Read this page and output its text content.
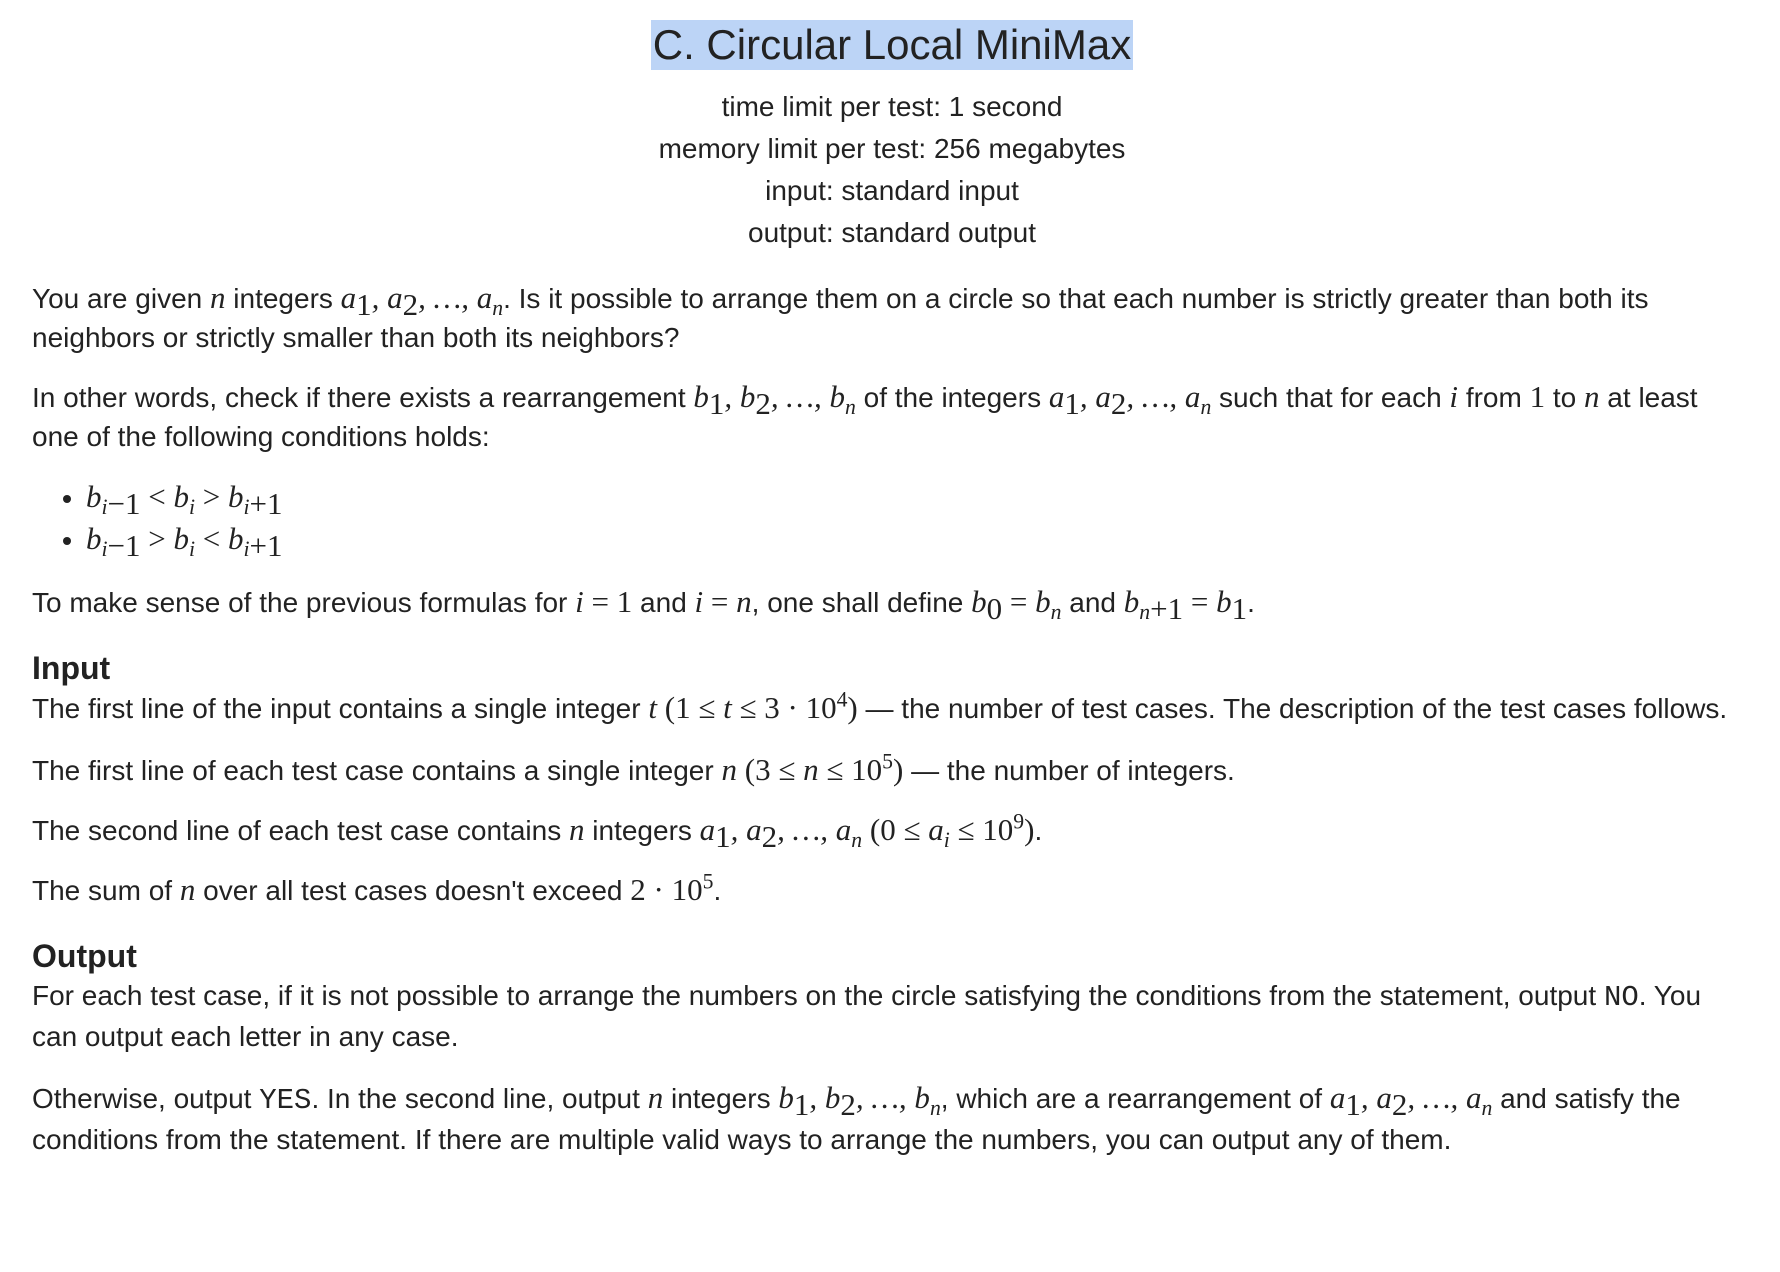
C. Circular Local MiniMax
time limit per test: 1 second
memory limit per test: 256 megabytes
input: standard input
output: standard output

You are given n integers $a_1$, $a_2$, …, $a_n$. Is it possible to arrange them on a circle so that each number is strictly greater than both its neighbors or strictly smaller than both its neighbors?

In other words, check if there exists a rearrangement $b_1$, $b_2$, …, $b_n$ of the integers $a_1$, $a_2$, …, $a_n$ such that for each i from 1 to n at least one of the following conditions holds:

• $b_{i-1} < b_i > b_{i+1}$
• $b_{i-1} > b_i < b_{i+1}$

To make sense of the previous formulas for i = 1 and i = n, one shall define $b_0 = b_n$ and $b_{n+1} = b_1$.

Input

The first line of the input contains a single integer t $(1 \le t \le 3 \cdot 10^4)$ — the number of test cases. The description of the test cases follows.

The first line of each test case contains a single integer n $(3 \le n \le 10^5)$ — the number of integers.

The second line of each test case contains n integers $a_1$, $a_2$, …, $a_n$ $(0 \le a_i \le 10^9)$.

The sum of n over all test cases doesn't exceed $2 \cdot 10^5$.

Output

For each test case, if it is not possible to arrange the numbers on the circle satisfying the conditions from the statement, output NO. You can output each letter in any case.

Otherwise, output YES. In the second line, output n integers $b_1$, $b_2$, …, $b_n$, which are a rearrangement of $a_1$, $a_2$, …, $a_n$ and satisfy the conditions from the statement. If there are multiple valid ways to arrange the numbers, you can output any of them.
